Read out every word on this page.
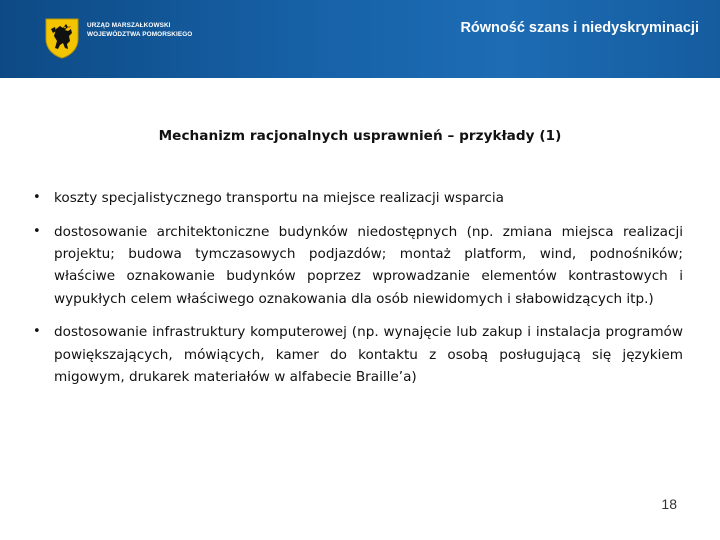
URZĄD MARSZAŁKOWSKI
WOJEWÓDZTWA POMORSKIEGO	Równość szans i niedyskryminacji
Mechanizm racjonalnych usprawnień – przykłady (1)
• koszty specjalistycznego transportu na miejsce realizacji wsparcia
• dostosowanie architektoniczne budynków niedostępnych (np. zmiana miejsca realizacji projektu; budowa tymczasowych podjazdów; montaż platform, wind, podnośników; właściwe oznakowanie budynków poprzez wprowadzanie elementów kontrastowych i wypukłych celem właściwego oznakowania dla osób niewidomych i słabowidzących itp.)
• dostosowanie infrastruktury komputerowej (np. wynajęcie lub zakup i instalacja programów powiększających, mówiących, kamer do kontaktu z osobą posługującą się językiem migowym, drukarek materiałów w alfabecie Braille’a)
18
